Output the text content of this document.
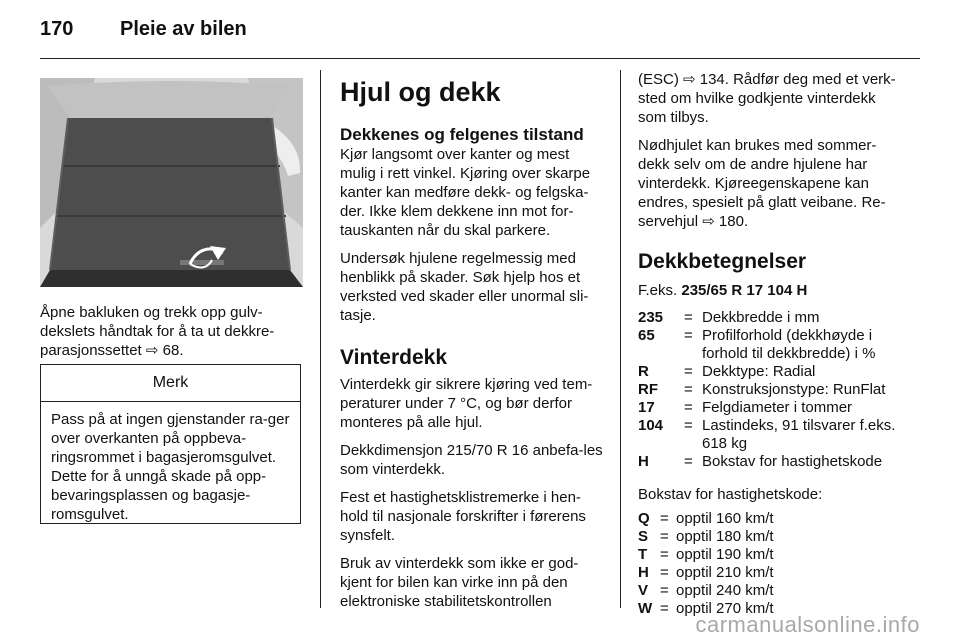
170 Pleie av bilen

Åpne bakluken og trekk opp gulv-dekslets håndtak for å ta ut dekkre-parasjonssettet ⇨ 68.

Merk
Pass på at ingen gjenstander ra-ger over overkanten på oppbeva-ringsrommet i bagasjeromsgulvet. Dette for å unngå skade på opp-bevaringsplassen og bagasje-romsgulvet.
Hjul og dekk
Dekkenes og felgenes tilstand

Kjør langsomt over kanter og mest mulig i rett vinkel. Kjøring over skarpe kanter kan medføre dekk- og felgska-der. Ikke klem dekkene inn mot for-tauskanten når du skal parkere.

Undersøk hjulene regelmessig med henblikk på skader. Søk hjelp hos et verksted ved skader eller unormal sli-tasje.

Vinterdekk

Vinterdekk gir sikrere kjøring ved tem-peraturer under 7 °C, og bør derfor monteres på alle hjul.

Dekkdimensjon 215/70 R 16 anbefa-les som vinterdekk.

Fest et hastighetsklistremerke i hen-hold til nasjonale forskrifter i førerens synsfelt.

Bruk av vinterdekk som ikke er god-kjent for bilen kan virke inn på den elektroniske stabilitetskontrollen

(ESC) ⇨ 134. Rådfør deg med et verk-sted om hvilke godkjente vinterdekk som tilbys.

Nødhjulet kan brukes med sommer-dekk selv om de andre hjulene har vinterdekk. Kjøreegenskapene kan endres, spesielt på glatt veibane. Re-servehjul ⇨ 180.

Dekkbetegnelser

F.eks. 235/65 R 17 104 H

235	=	Dekkbredde i mm
65	=	Profilforhold (dekkhøyde i forhold til dekkbredde) i %
R	=	Dekktype: Radial
RF	=	Konstruksjonstype: RunFlat
17	=	Felgdiameter i tommer
104	=	Lastindeks, 91 tilsvarer f.eks. 618 kg
H	=	Bokstav for hastighetskode

Bokstav for hastighetskode:

Q	=	opptil 160 km/t
S	=	opptil 180 km/t
T	=	opptil 190 km/t
H	=	opptil 210 km/t
V	=	opptil 240 km/t
W	=	opptil 270 km/t
carmanualsonline.info
